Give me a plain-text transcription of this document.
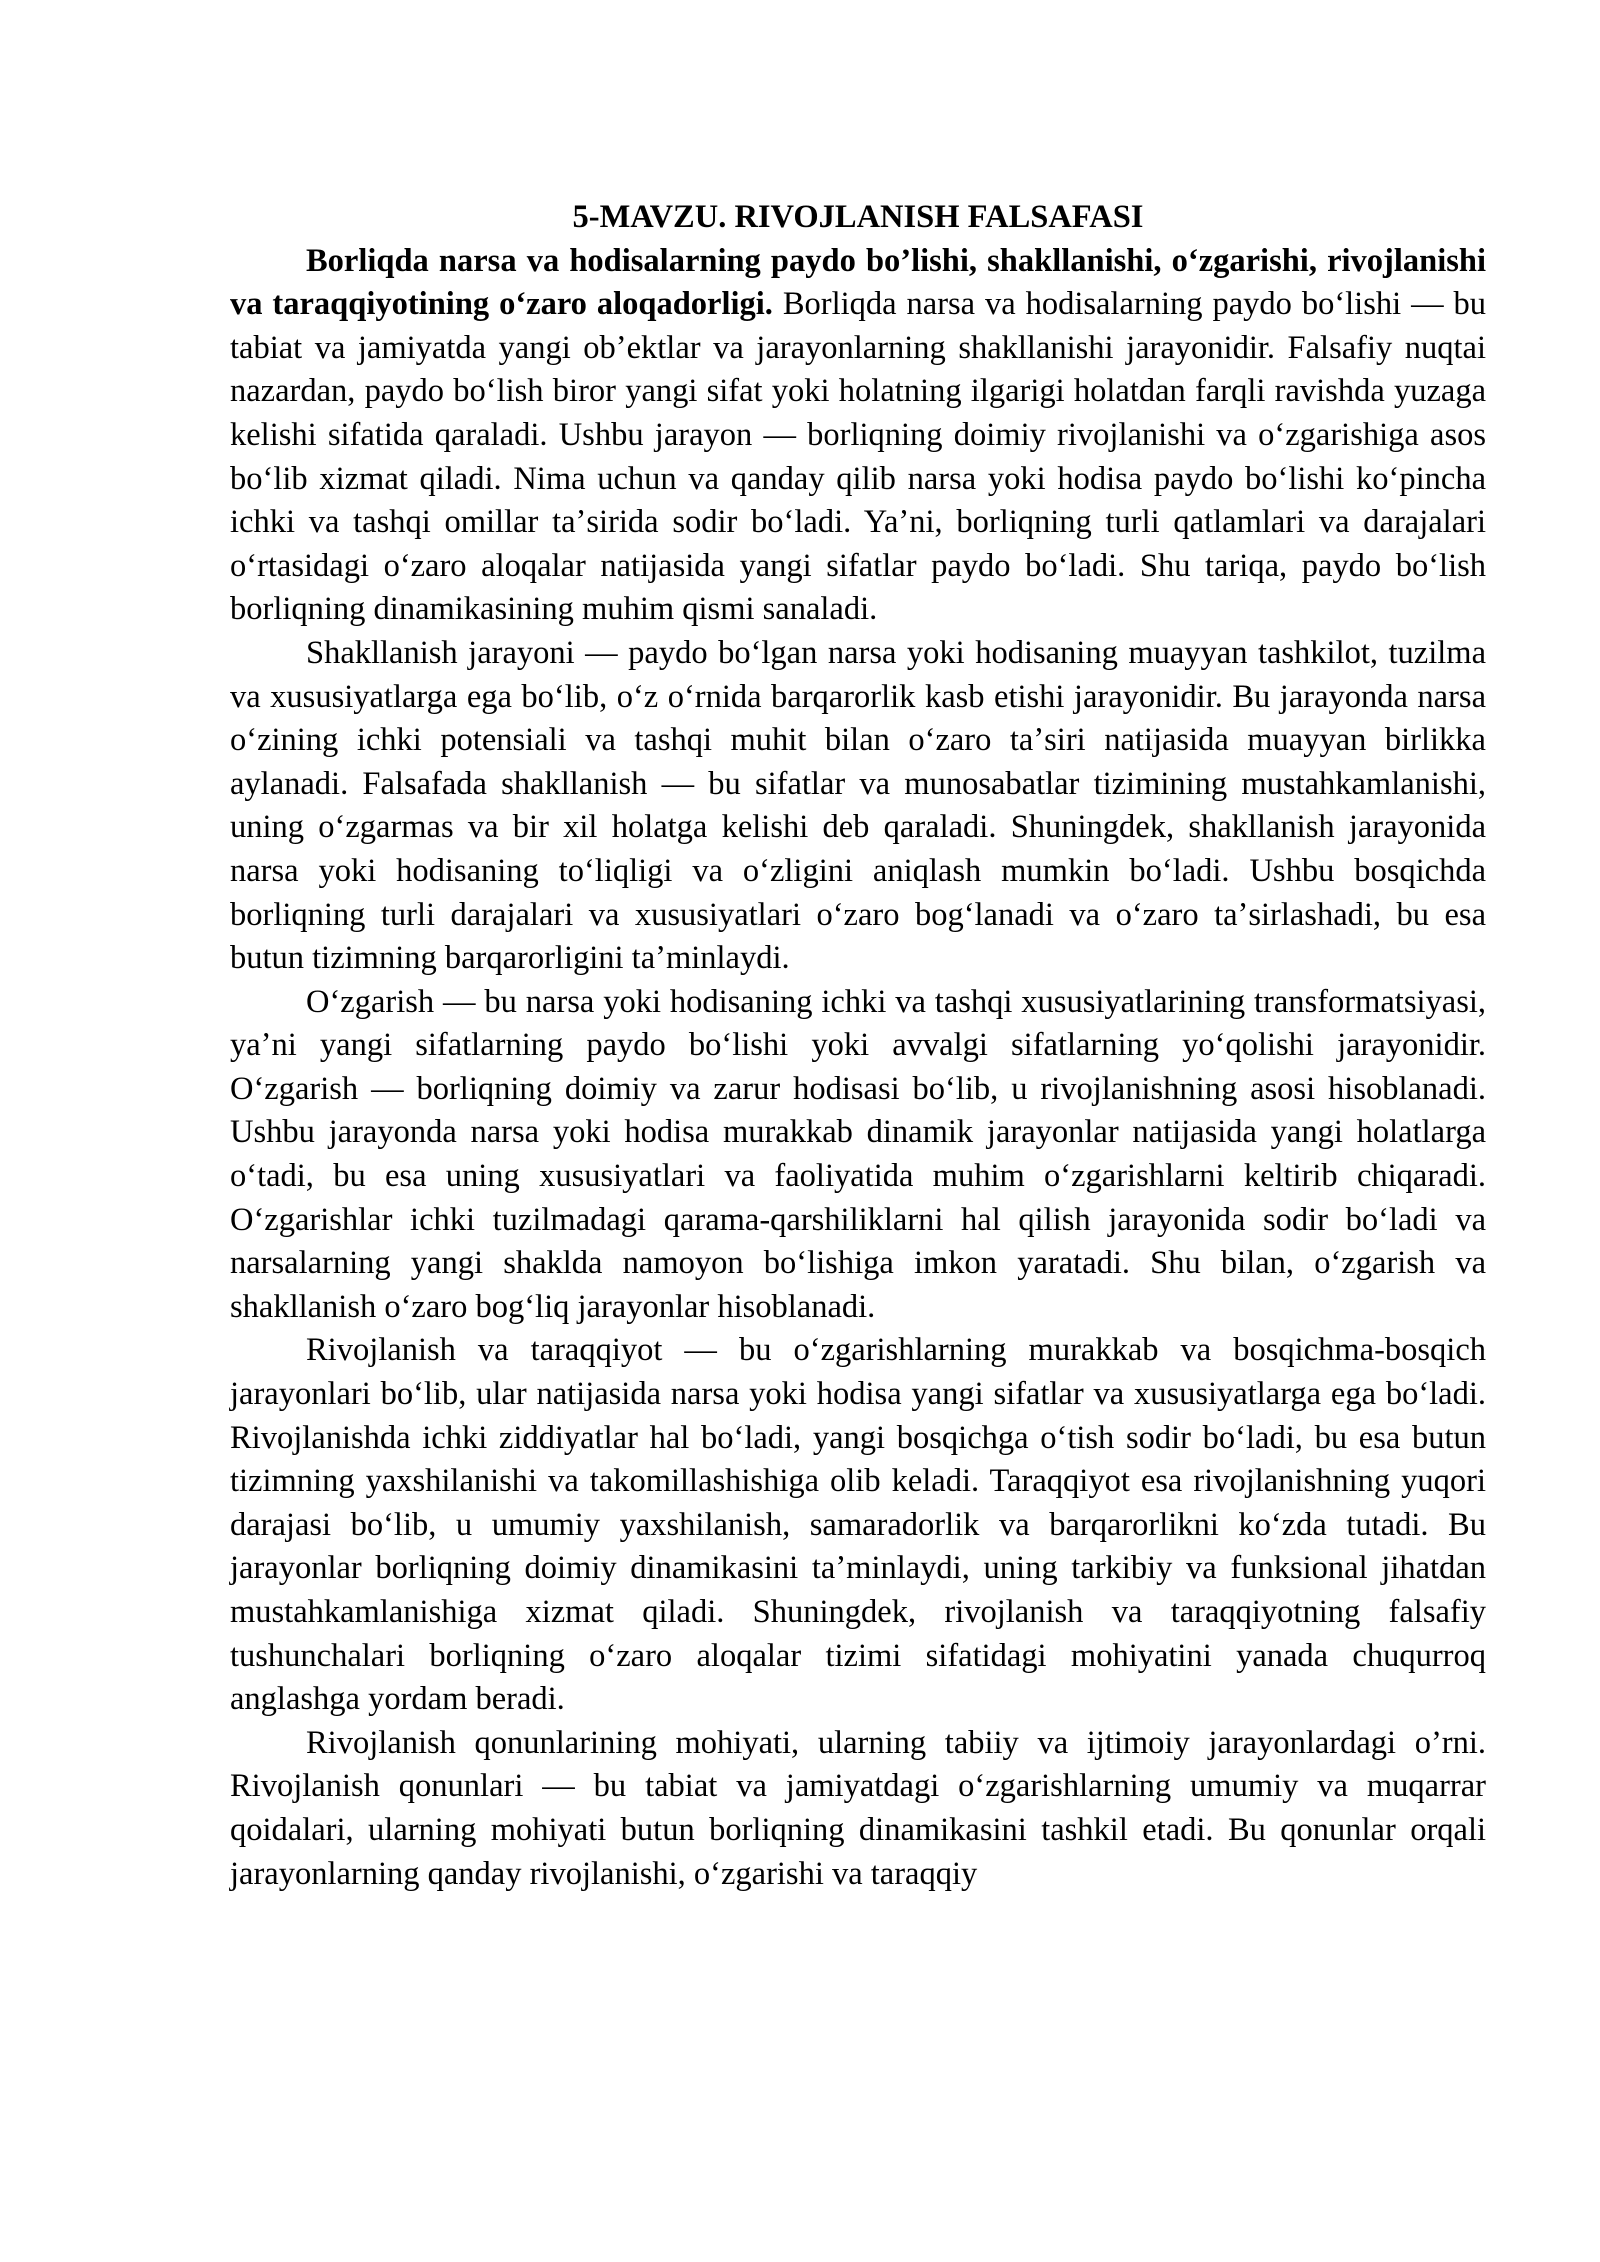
5-MAVZU. RIVOJLANISH FALSAFASI

Borliqda narsa va hodisalarning paydo bo’lishi, shakllanishi, oʻzgarishi, rivojlanishi va taraqqiyotining oʻzaro aloqadorligi. Borliqda narsa va hodisalarning paydo boʻlishi — bu tabiat va jamiyatda yangi obʼektlar va jarayonlarning shakllanishi jarayonidir. Falsafiy nuqtai nazardan, paydo boʻlish biror yangi sifat yoki holatning ilgarigi holatdan farqli ravishda yuzaga kelishi sifatida qaraladi. Ushbu jarayon — borliqning doimiy rivojlanishi va oʻzgarishiga asos boʻlib xizmat qiladi. Nima uchun va qanday qilib narsa yoki hodisa paydo boʻlishi koʻpincha ichki va tashqi omillar taʼsirida sodir boʻladi. Yaʼni, borliqning turli qatlamlari va darajalari oʻrtasidagi oʻzaro aloqalar natijasida yangi sifatlar paydo boʻladi. Shu tariqa, paydo boʻlish borliqning dinamikasining muhim qismi sanaladi.

Shakllanish jarayoni — paydo boʻlgan narsa yoki hodisaning muayyan tashkilot, tuzilma va xususiyatlarga ega boʻlib, oʻz oʻrnida barqarorlik kasb etishi jarayonidir. Bu jarayonda narsa oʻzining ichki potensiali va tashqi muhit bilan oʻzaro taʼsiri natijasida muayyan birlikka aylanadi. Falsafada shakllanish — bu sifatlar va munosabatlar tizimining mustahkamlanishi, uning oʻzgarmas va bir xil holatga kelishi deb qaraladi. Shuningdek, shakllanish jarayonida narsa yoki hodisaning toʻliqligi va oʻzligini aniqlash mumkin boʻladi. Ushbu bosqichda borliqning turli darajalari va xususiyatlari oʻzaro bogʻlanadi va oʻzaro taʼsirlashadi, bu esa butun tizimning barqarorligini taʼminlaydi.

Oʻzgarish — bu narsa yoki hodisaning ichki va tashqi xususiyatlarining transformatsiyasi, yaʼni yangi sifatlarning paydo boʻlishi yoki avvalgi sifatlarning yoʻqolishi jarayonidir. Oʻzgarish — borliqning doimiy va zarur hodisasi boʻlib, u rivojlanishning asosi hisoblanadi. Ushbu jarayonda narsa yoki hodisa murakkab dinamik jarayonlar natijasida yangi holatlarga oʻtadi, bu esa uning xususiyatlari va faoliyatida muhim oʻzgarishlarni keltirib chiqaradi. Oʻzgarishlar ichki tuzilmadagi qarama-qarshiliklarni hal qilish jarayonida sodir boʻladi va narsalarning yangi shaklda namoyon boʻlishiga imkon yaratadi. Shu bilan, oʻzgarish va shakllanish oʻzaro bogʻliq jarayonlar hisoblanadi.

Rivojlanish va taraqqiyot — bu oʻzgarishlarning murakkab va bosqichma-bosqich jarayonlari boʻlib, ular natijasida narsa yoki hodisa yangi sifatlar va xususiyatlarga ega boʻladi. Rivojlanishda ichki ziddiyatlar hal boʻladi, yangi bosqichga oʻtish sodir boʻladi, bu esa butun tizimning yaxshilanishi va takomillashishiga olib keladi. Taraqqiyot esa rivojlanishning yuqori darajasi boʻlib, u umumiy yaxshilanish, samaradorlik va barqarorlikni koʻzda tutadi. Bu jarayonlar borliqning doimiy dinamikasini taʼminlaydi, uning tarkibiy va funksional jihatdan mustahkamlanishiga xizmat qiladi. Shuningdek, rivojlanish va taraqqiyotning falsafiy tushunchalari borliqning oʻzaro aloqalar tizimi sifatidagi mohiyatini yanada chuqurroq anglashga yordam beradi.

Rivojlanish qonunlarining mohiyati, ularning tabiiy va ijtimoiy jarayonlardagi o’rni. Rivojlanish qonunlari — bu tabiat va jamiyatdagi oʻzgarishlarning umumiy va muqarrar qoidalari, ularning mohiyati butun borliqning dinamikasini tashkil etadi. Bu qonunlar orqali jarayonlarning qanday rivojlanishi, oʻzgarishi va taraqqiy
